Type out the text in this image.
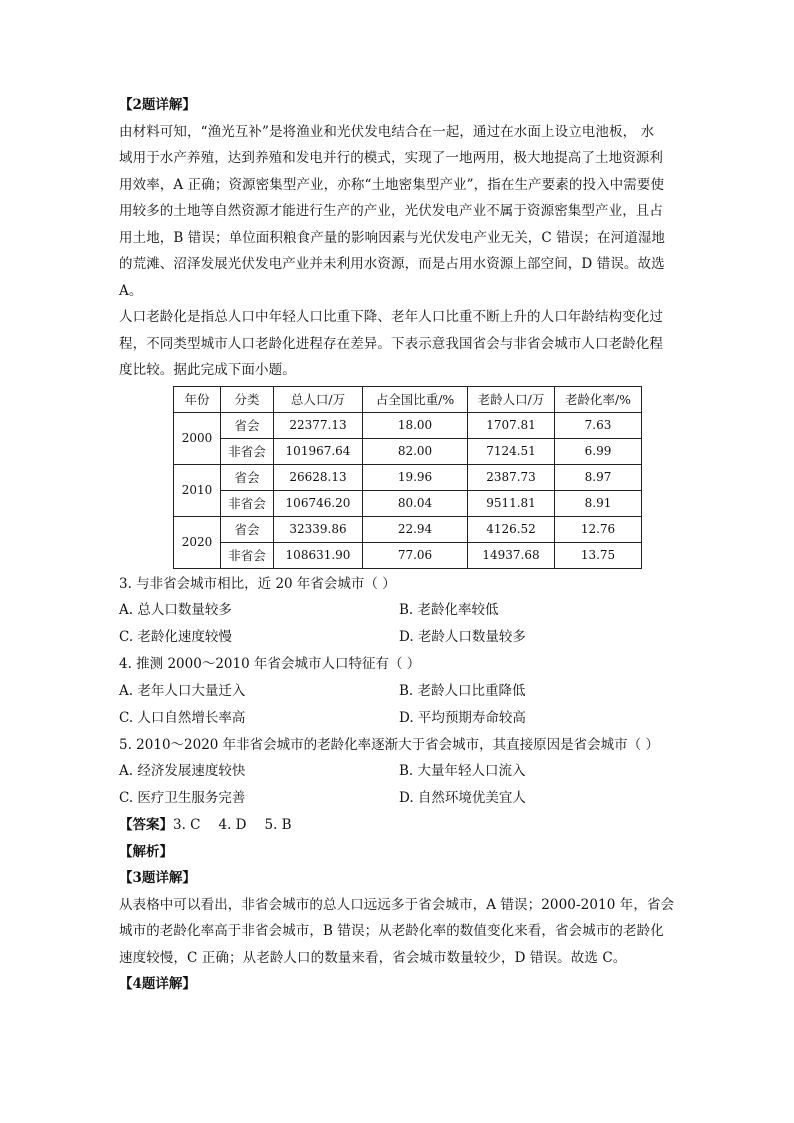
【2题详解】
由材料可知，“渔光互补”是将渔业和光伏发电结合在一起，通过在水面上设立电池板， 水
域用于水产养殖，达到养殖和发电并行的模式，实现了一地两用，极大地提高了土地资源利
用效率，A 正确；资源密集型产业，亦称“土地密集型产业”，指在生产要素的投入中需要使
用较多的土地等自然资源才能进行生产的产业，光伏发电产业不属于资源密集型产业，且占
用土地，B 错误；单位面积粮食产量的影响因素与光伏发电产业无关，C 错误；在河道湿地
的荒滩、沼泽发展光伏发电产业并未利用水资源，而是占用水资源上部空间，D 错误。故选
A。
人口老龄化是指总人口中年轻人口比重下降、老年人口比重不断上升的人口年龄结构变化过
程，不同类型城市人口老龄化进程存在差异。下表示意我国省会与非省会城市人口老龄化程
度比较。据此完成下面小题。
年份	分类	总人口/万	占全国比重/%	老龄人口/万	老龄化率/%
2000	省会	22377.13	18.00	1707.81	7.63
	非省会	101967.64	82.00	7124.51	6.99
2010	省会	26628.13	19.96	2387.73	8.97
	非省会	106746.20	80.04	9511.81	8.91
2020	省会	32339.86	22.94	4126.52	12.76
	非省会	108631.90	77.06	14937.68	13.75
3. 与非省会城市相比，近 20 年省会城市（ ）
A. 总人口数量较多	B. 老龄化率较低
C. 老龄化速度较慢	D. 老龄人口数量较多
4. 推测 2000～2010 年省会城市人口特征有（ ）
A. 老年人口大量迁入	B. 老龄人口比重降低
C. 人口自然增长率高	D. 平均预期寿命较高
5. 2010～2020 年非省会城市的老龄化率逐渐大于省会城市，其直接原因是省会城市（ ）
A. 经济发展速度较快	B. 大量年轻人口流入
C. 医疗卫生服务完善	D. 自然环境优美宜人
【答案】3. C 4. D 5. B
【解析】
【3题详解】
从表格中可以看出，非省会城市的总人口远远多于省会城市，A 错误；2000-2010 年，省会
城市的老龄化率高于非省会城市，B 错误；从老龄化率的数值变化来看，省会城市的老龄化
速度较慢，C 正确；从老龄人口的数量来看，省会城市数量较少，D 错误。故选 C。
【4题详解】
